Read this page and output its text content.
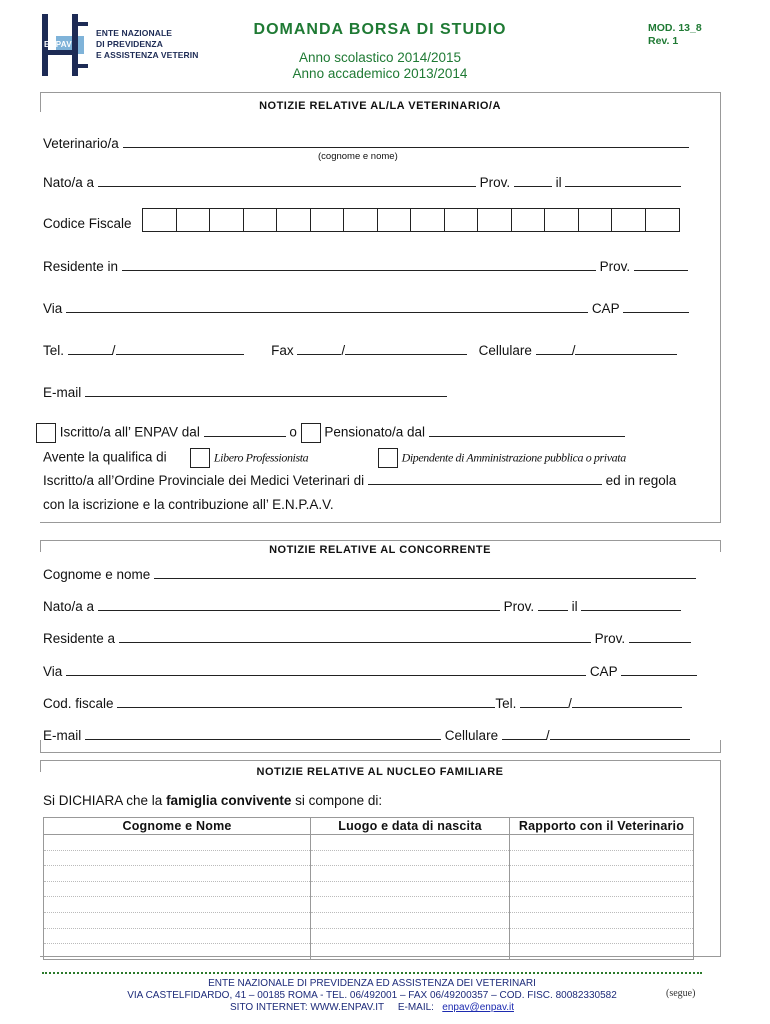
ENPAV
ENTE NAZIONALE
DI PREVIDENZA
E ASSISTENZA VETERIN
DOMANDA BORSA DI STUDIO
Anno scolastico 2014/2015
Anno accademico 2013/2014
MOD. 13_8
Rev. 1
NOTIZIE RELATIVE AL/LA VETERINARIO/A
Veterinario/a
(cognome e nome)
Nato/a a	Prov.	il
Codice Fiscale
Residente in	Prov.
Via	CAP
Tel.	/	Fax	/	Cellulare	/
E-mail
Iscritto/a all’ ENPAV dal	o Pensionato/a dal
Avente la qualifica di	Libero Professionista	Dipendente di Amministrazione pubblica o privata
Iscritto/a all’Ordine Provinciale dei Medici Veterinari di	ed in regola
con la iscrizione e la contribuzione all’ E.N.P.A.V.
NOTIZIE RELATIVE AL CONCORRENTE
Cognome e nome
Nato/a a	Prov.	il
Residente a	Prov.
Via	CAP
Cod. fiscale	Tel.	/
E-mail	Cellulare	/
NOTIZIE RELATIVE AL NUCLEO FAMILIARE
Si DICHIARA che la famiglia convivente si compone di:
Cognome e Nome	Luogo e data di nascita	Rapporto con il Veterinario

ENTE NAZIONALE DI PREVIDENZA ED ASSISTENZA DEI VETERINARI
VIA CASTELFIDARDO, 41 – 00185 ROMA - TEL. 06/492001 – FAX 06/49200357 – COD. FISC. 80082330582
SITO INTERNET: WWW.ENPAV.IT E-MAIL: enpav@enpav.it
(segue)
